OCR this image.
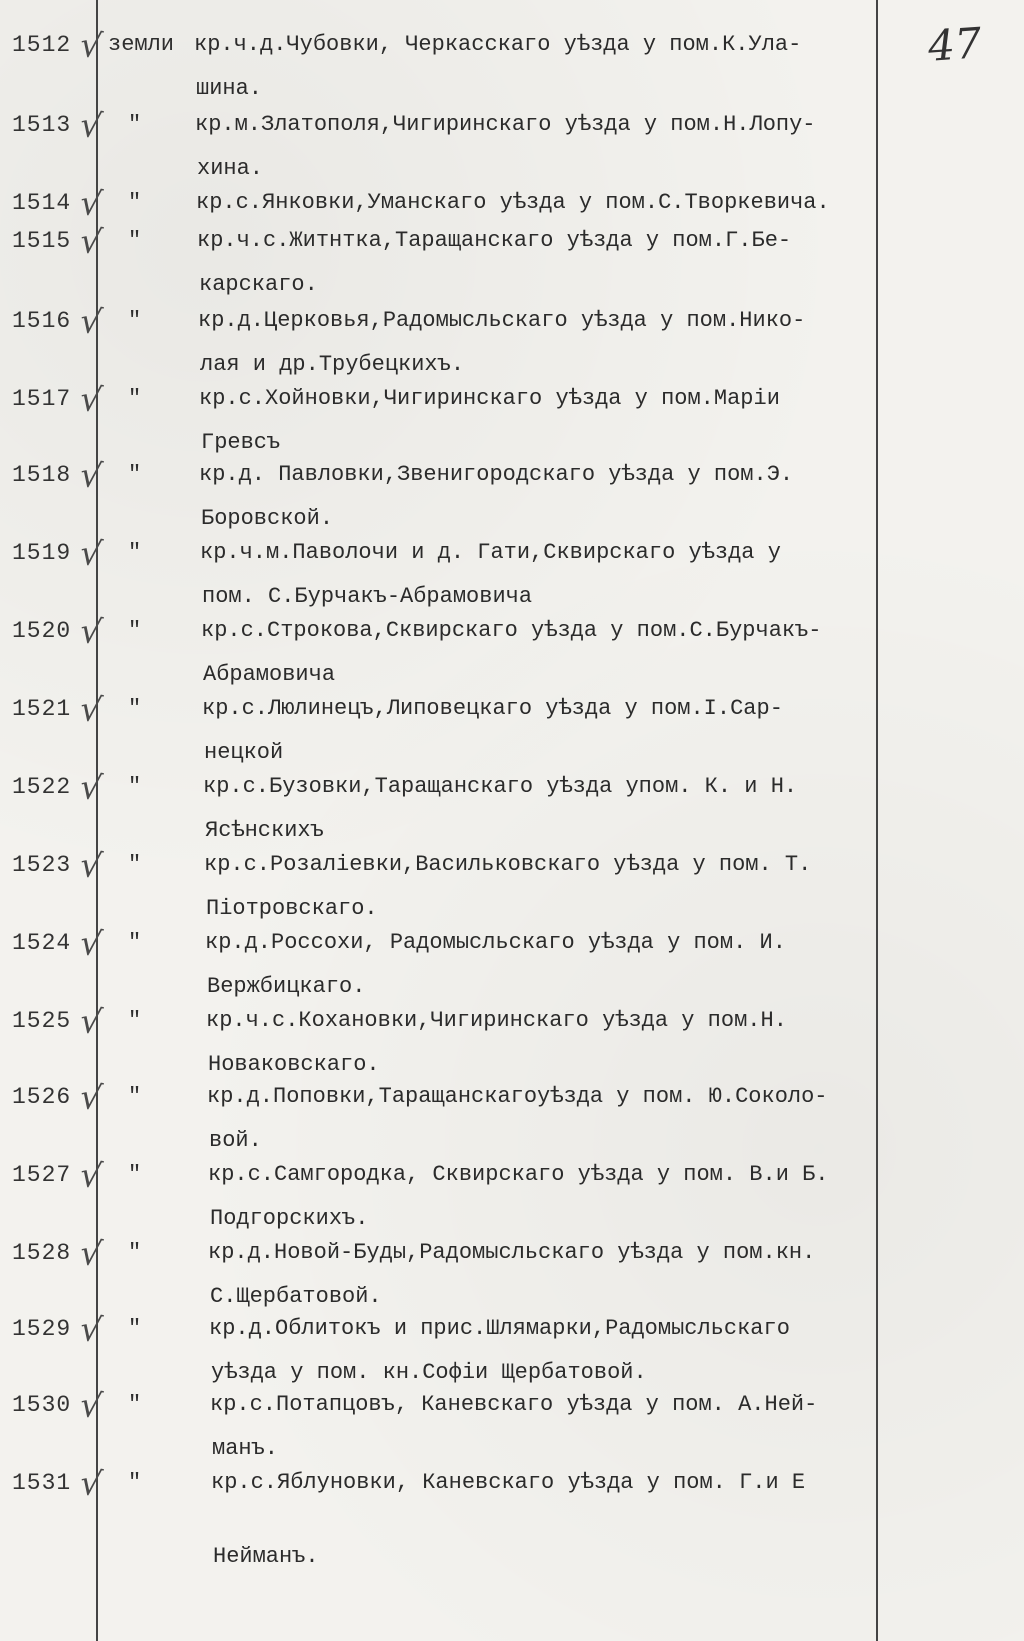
47
1512 √ земли кр.ч.д.Чубовки, Черкасскаго уѣзда у пом.К.Ула-
шина.
1513 √ " кр.м.Златополя,Чигиринскаго уѣзда у пом.Н.Лопу-
хина.
1514 √ " кр.с.Янковки,Уманскаго уѣзда у пом.С.Творкевича.
1515 √ "	кр.ч.с.Житнтка,Таращанскаго уѣзда у пом.Г.Бе-
карскаго.
1516 √ "	кр.д.Церковья,Радомысльскаго уѣзда у пом.Нико-
лая и др.Трубецкихъ.
1517 √ "	кр.с.Хойновки,Чигиринскаго уѣзда у пом.Маріи
Гревсъ
1518 √ "	кр.д. Павловки,Звенигородскаго уѣзда у пом.Э.
Боровской.
1519 √ "	кр.ч.м.Паволочи и д. Гати,Сквирскаго уѣзда у
пом. С.Бурчакъ-Абрамовича
1520 √ "	кр.с.Строкова,Сквирскаго уѣзда у пом.С.Бурчакъ-
Абрамовича
1521 √ "	кр.с.Люлинецъ,Липовецкаго уѣзда у пом.I.Сар-
нецкой
1522 √ "	кр.с.Бузовки,Таращанскаго уѣзда упом. К. и Н.
Ясѣнскихъ
1523 √ "	кр.с.Розаліевки,Васильковскаго уѣзда у пом. Т.
Піотровскаго.
1524 √ "	кр.д.Россохи, Радомысльскаго уѣзда у пом. И.
Вержбицкаго.
1525 √ "	кр.ч.с.Кохановки,Чигиринскаго уѣзда у пом.Н.
Новаковскаго.
1526 √ "	кр.д.Поповки,Таращанскагоуѣзда у пом. Ю.Соколо-
вой.
1527 √ "	кр.с.Самгородка, Сквирскаго уѣзда у пом. В.и Б.
Подгорскихъ.
1528 √ "	кр.д.Новой-Буды,Радомысльскаго уѣзда у пом.кн.
С.Щербатовой.
1529 √ "	кр.д.Облитокъ и прис.Шлямарки,Радомысльскаго
уѣзда у пом. кн.Софіи Щербатовой.
1530 √ "	кр.с.Потапцовъ, Каневскаго уѣзда у пом. А.Ней-
манъ.
1531 √ "	кр.с.Яблуновки, Каневскаго уѣзда у пом. Г.и Е
Нейманъ.
